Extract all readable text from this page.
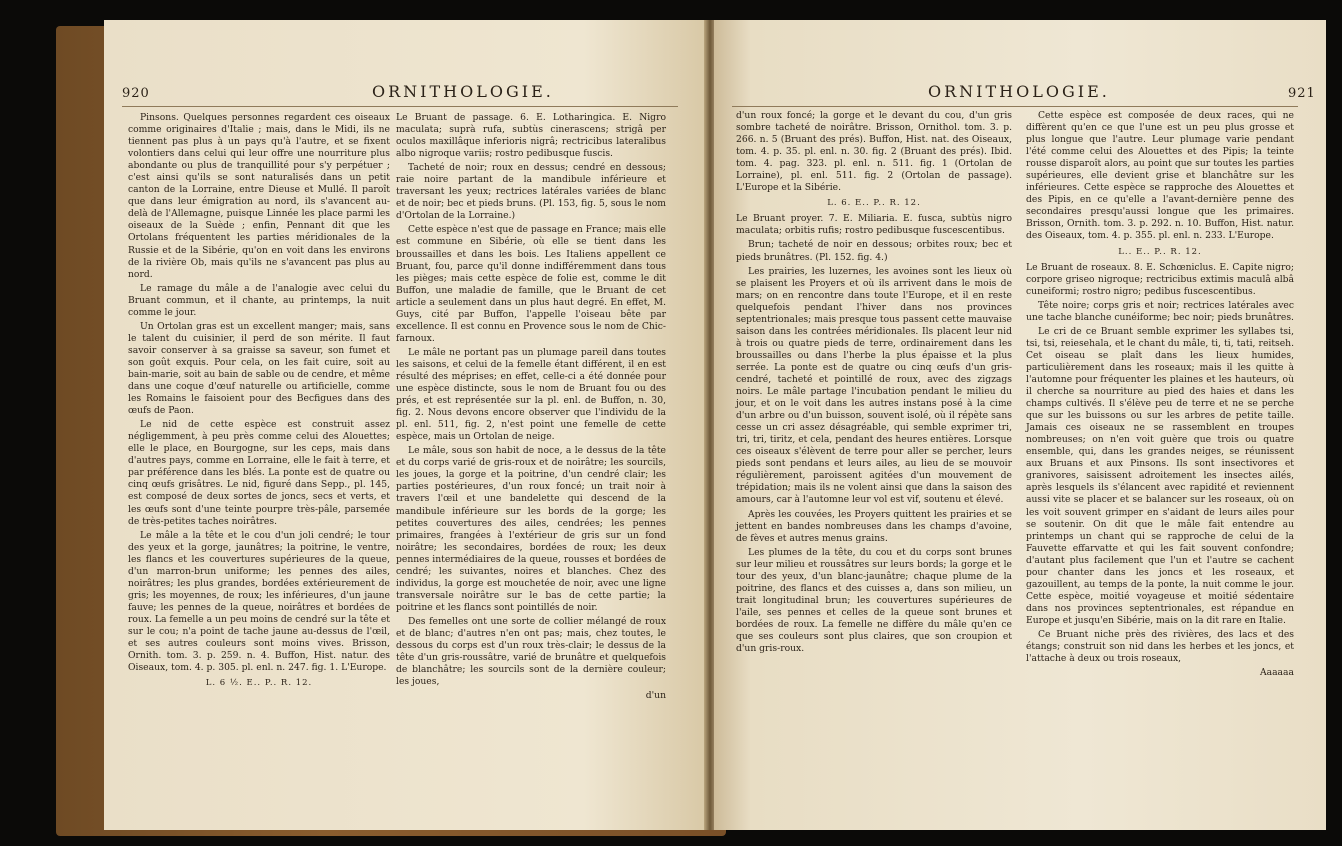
920	ORNITHOLOGIE.

Pinsons. Quelques personnes regardent ces oiseaux comme originaires d'Italie ; mais, dans le Midi, ils ne tiennent pas plus à un pays qu'à l'autre, et se fixent volontiers dans celui qui leur offre une nourriture plus abondante ou plus de tranquillité pour s'y perpétuer ; c'est ainsi qu'ils se sont naturalisés dans un petit canton de la Lorraine, entre Dieuse et Mullé. Il paroît que dans leur émigration au nord, ils s'avancent au-delà de l'Allemagne, puisque Linnée les place parmi les oiseaux de la Suède ; enfin, Pennant dit que les Ortolans fréquentent les parties méridionales de la Russie et de la Sibérie, qu'on en voit dans les environs de la rivière Ob, mais qu'ils ne s'avancent pas plus au nord.

Le ramage du mâle a de l'analogie avec celui du Bruant commun, et il chante, au printemps, la nuit comme le jour.

Un Ortolan gras est un excellent manger; mais, sans le talent du cuisinier, il perd de son mérite. Il faut savoir conserver à sa graisse sa saveur, son fumet et son goût exquis. Pour cela, on les fait cuire, soit au bain-marie, soit au bain de sable ou de cendre, et même dans une coque d'œuf naturelle ou artificielle, comme les Romains le faisoient pour des Becfigues dans des œufs de Paon.

Le nid de cette espèce est construit assez négligemment, à peu près comme celui des Alouettes; elle le place, en Bourgogne, sur les ceps, mais dans d'autres pays, comme en Lorraine, elle le fait à terre, et par préférence dans les blés. La ponte est de quatre ou cinq œufs grisâtres. Le nid, figuré dans Sepp., pl. 145, est composé de deux sortes de joncs, secs et verts, et les œufs sont d'une teinte pourpre très-pâle, parsemée de très-petites taches noirâtres.

Le mâle a la tête et le cou d'un joli cendré; le tour des yeux et la gorge, jaunâtres; la poitrine, le ventre, les flancs et les couvertures supérieures de la queue, d'un marron-brun uniforme; les pennes des ailes, noirâtres; les plus grandes, bordées extérieurement de gris; les moyennes, de roux; les inférieures, d'un jaune fauve; les pennes de la queue, noirâtres et bordées de roux. La femelle a un peu moins de cendré sur la tête et sur le cou; n'a point de tache jaune au-dessus de l'œil, et ses autres couleurs sont moins vives. Brisson, Ornith. tom. 3. p. 259. n. 4. Buffon, Hist. natur. des Oiseaux, tom. 4. p. 305. pl. enl. n. 247. fig. 1. L'Europe.

L. 6 ½. E.. P.. R. 12.

Le Bruant de passage. 6. E. Lotharingica. E. Nigro maculata; suprà rufa, subtùs cinerascens; strigâ per oculos maxillâque inferioris nigrâ; rectricibus lateralibus albo nigroque variis; rostro pedibusque fuscis.

Tacheté de noir; roux en dessus; cendré en dessous; raie noire partant de la mandibule inférieure et traversant les yeux; rectrices latérales variées de blanc et de noir; bec et pieds bruns. (Pl. 153, fig. 5, sous le nom d'Ortolan de la Lorraine.)

Cette espèce n'est que de passage en France; mais elle est commune en Sibérie, où elle se tient dans les broussailles et dans les bois. Les Italiens appellent ce Bruant, fou, parce qu'il donne indifféremment dans tous les pièges; mais cette espèce de folie est, comme le dit Buffon, une maladie de famille, que le Bruant de cet article a seulement dans un plus haut degré. En effet, M. Guys, cité par Buffon, l'appelle l'oiseau bête par excellence. Il est connu en Provence sous le nom de Chic-farnoux.

Le mâle ne portant pas un plumage pareil dans toutes les saisons, et celui de la femelle étant différent, il en est résulté des méprises; en effet, celle-ci a été donnée pour une espèce distincte, sous le nom de Bruant fou ou des prés, et est représentée sur la pl. enl. de Buffon, n. 30, fig. 2. Nous devons encore observer que l'individu de la pl. enl. 511, fig. 2, n'est point une femelle de cette espèce, mais un Ortolan de neige.

Le mâle, sous son habit de noce, a le dessus de la tête et du corps varié de gris-roux et de noirâtre; les sourcils, les joues, la gorge et la poitrine, d'un cendré clair; les parties postérieures, d'un roux foncé; un trait noir à travers l'œil et une bandelette qui descend de la mandibule inférieure sur les bords de la gorge; les petites couvertures des ailes, cendrées; les pennes primaires, frangées à l'extérieur de gris sur un fond noirâtre; les secondaires, bordées de roux; les deux pennes intermédiaires de la queue, rousses et bordées de cendré; les suivantes, noires et blanches. Chez des individus, la gorge est mouchetée de noir, avec une ligne transversale noirâtre sur le bas de cette partie; la poitrine et les flancs sont pointillés de noir.

Des femelles ont une sorte de collier mélangé de roux et de blanc; d'autres n'en ont pas; mais, chez toutes, le dessous du corps est d'un roux très-clair; le dessus de la tête d'un gris-roussâtre, varié de brunâtre et quelquefois de blanchâtre; les sourcils sont de la dernière couleur; les joues,

d'un

ORNITHOLOGIE.	921

d'un roux foncé; la gorge et le devant du cou, d'un gris sombre tacheté de noirâtre. Brisson, Ornithol. tom. 3. p. 266. n. 5 (Bruant des prés). Buffon, Hist. nat. des Oiseaux, tom. 4. p. 35. pl. enl. n. 30. fig. 2 (Bruant des prés). Ibid. tom. 4. pag. 323. pl. enl. n. 511. fig. 1 (Ortolan de Lorraine), pl. enl. 511. fig. 2 (Ortolan de passage). L'Europe et la Sibérie.

L. 6. E.. P.. R. 12.

Le Bruant proyer. 7. E. Miliaria. E. fusca, subtùs nigro maculata; orbitis rufis; rostro pedibusque fuscescentibus.

Brun; tacheté de noir en dessous; orbites roux; bec et pieds brunâtres. (Pl. 152. fig. 4.)

Les prairies, les luzernes, les avoines sont les lieux où se plaisent les Proyers et où ils arrivent dans le mois de mars; on en rencontre dans toute l'Europe, et il en reste quelquefois pendant l'hiver dans nos provinces septentrionales; mais presque tous passent cette mauvaise saison dans les contrées méridionales. Ils placent leur nid à trois ou quatre pieds de terre, ordinairement dans les broussailles ou dans l'herbe la plus épaisse et la plus serrée. La ponte est de quatre ou cinq œufs d'un gris-cendré, tacheté et pointillé de roux, avec des zigzags noirs. Le mâle partage l'incubation pendant le milieu du jour, et on le voit dans les autres instans posé à la cime d'un arbre ou d'un buisson, souvent isolé, où il répète sans cesse un cri assez désagréable, qui semble exprimer tri, tri, tri, tiritz, et cela, pendant des heures entières. Lorsque ces oiseaux s'élèvent de terre pour aller se percher, leurs pieds sont pendans et leurs ailes, au lieu de se mouvoir régulièrement, paroissent agitées d'un mouvement de trépidation; mais ils ne volent ainsi que dans la saison des amours, car à l'automne leur vol est vif, soutenu et élevé.

Après les couvées, les Proyers quittent les prairies et se jettent en bandes nombreuses dans les champs d'avoine, de fèves et autres menus grains.

Les plumes de la tête, du cou et du corps sont brunes sur leur milieu et roussâtres sur leurs bords; la gorge et le tour des yeux, d'un blanc-jaunâtre; chaque plume de la poitrine, des flancs et des cuisses a, dans son milieu, un trait longitudinal brun; les couvertures supérieures de l'aile, ses pennes et celles de la queue sont brunes et bordées de roux. La femelle ne diffère du mâle qu'en ce que ses couleurs sont plus claires, que son croupion et d'un gris-roux.

Cette espèce est composée de deux races, qui ne diffèrent qu'en ce que l'une est un peu plus grosse et plus longue que l'autre. Leur plumage varie pendant l'été comme celui des Alouettes et des Pipis; la teinte rousse disparoît alors, au point que sur toutes les parties supérieures, elle devient grise et blanchâtre sur les inférieures. Cette espèce se rapproche des Alouettes et des Pipis, en ce qu'elle a l'avant-dernière penne des secondaires presqu'aussi longue que les primaires. Brisson, Ornith. tom. 3. p. 292. n. 10. Buffon, Hist. natur. des Oiseaux, tom. 4. p. 355. pl. enl. n. 233. L'Europe.

L.. E.. P.. R. 12.

Le Bruant de roseaux. 8. E. Schœniclus. E. Capite nigro; corpore griseo nigroque; rectricibus extimis maculâ albâ cuneiformi; rostro nigro; pedibus fuscescentibus.

Tête noire; corps gris et noir; rectrices latérales avec une tache blanche cunéiforme; bec noir; pieds brunâtres.

Le cri de ce Bruant semble exprimer les syllabes tsi, tsi, tsi, reiesehala, et le chant du mâle, ti, ti, tati, reitseh. Cet oiseau se plaît dans les lieux humides, particulièrement dans les roseaux; mais il les quitte à l'automne pour fréquenter les plaines et les hauteurs, où il cherche sa nourriture au pied des haies et dans les champs cultivés. Il s'élève peu de terre et ne se perche que sur les buissons ou sur les arbres de petite taille. Jamais ces oiseaux ne se rassemblent en troupes nombreuses; on n'en voit guère que trois ou quatre ensemble, qui, dans les grandes neiges, se réunissent aux Bruans et aux Pinsons. Ils sont insectivores et granivores, saisissent adroitement les insectes ailés, après lesquels ils s'élancent avec rapidité et reviennent aussi vite se placer et se balancer sur les roseaux, où on les voit souvent grimper en s'aidant de leurs ailes pour se soutenir. On dit que le mâle fait entendre au printemps un chant qui se rapproche de celui de la Fauvette effarvatte et qui les fait souvent confondre; d'autant plus facilement que l'un et l'autre se cachent pour chanter dans les joncs et les roseaux, et gazouillent, au temps de la ponte, la nuit comme le jour. Cette espèce, moitié voyageuse et moitié sédentaire dans nos provinces septentrionales, est répandue en Europe et jusqu'en Sibérie, mais on la dit rare en Italie.

Ce Bruant niche près des rivières, des lacs et des étangs; construit son nid dans les herbes et les joncs, et l'attache à deux ou trois roseaux,

Aaaaaa
